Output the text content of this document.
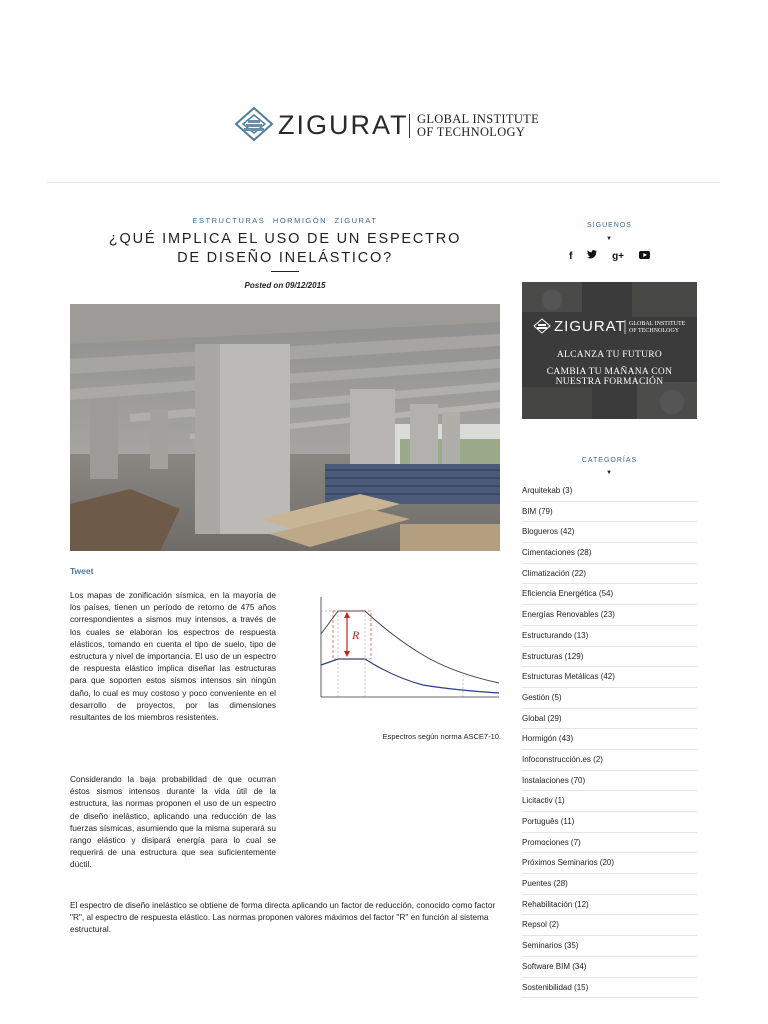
ZIGURAT GLOBAL INSTITUTE
OF TECHNOLOGY
ESTRUCTURAS HORMIGÓN ZIGURAT
¿QUÉ IMPLICA EL USO DE UN ESPECTRO
DE DISEÑO INELÁSTICO?
Posted on 09/12/2015
Tweet

Los mapas de zonificación sísmica, en la mayoría de los países, tienen un período de retorno de 475 años correspondientes a sismos muy intensos, a través de los cuales se elaboran los espectros de respuesta elásticos, tomando en cuenta el tipo de suelo, tipo de estructura y nivel de importancia. El uso de un espectro de respuesta elástico implica diseñar las estructuras para que soporten estos sismos intensos sin ningún daño, lo cual es muy costoso y poco conveniente en el desarrollo de proyectos, por las dimensiones resultantes de los miembros resistentes.

R
Espectros según norma ASCE7-10.

Considerando la baja probabilidad de que ocurran éstos sismos intensos durante la vida útil de la estructura, las normas proponen el uso de un espectro de diseño inelástico, aplicando una reducción de las fuerzas sísmicas, asumiendo que la misma superará su rango elástico y disipará energía para lo cual se requerirá de una estructura que sea suficientemente dúctil.

El espectro de diseño inelástico se obtiene de forma directa aplicando un factor de reducción, conocido como factor "R", al espectro de respuesta elástico. Las normas proponen valores máximos del factor "R" en función al sistema estructural.

SÍGUENOS
▼
f	g+
ZIGURAT GLOBAL INSTITUTE
OF TECHNOLOGY
ALCANZA TU FUTURO
CAMBIA TU MAÑANA CON
NUESTRA FORMACIÓN
CATEGORÍAS
▼
Arquitekab (3)
BIM (79)
Blogueros (42)
Cimentaciones (28)
Climatización (22)
Eficiencia Energética (54)
Energías Renovables (23)
Estructurando (13)
Estructuras (129)
Estructuras Metálicas (42)
Gestión (5)
Global (29)
Hormigón (43)
Infoconstrucción.es (2)
Instalaciones (70)
Licitactiv (1)
Português (11)
Promociones (7)
Próximos Seminarios (20)
Puentes (28)
Rehabilitación (12)
Repsol (2)
Seminarios (35)
Software BIM (34)
Sostenibilidad (15)
